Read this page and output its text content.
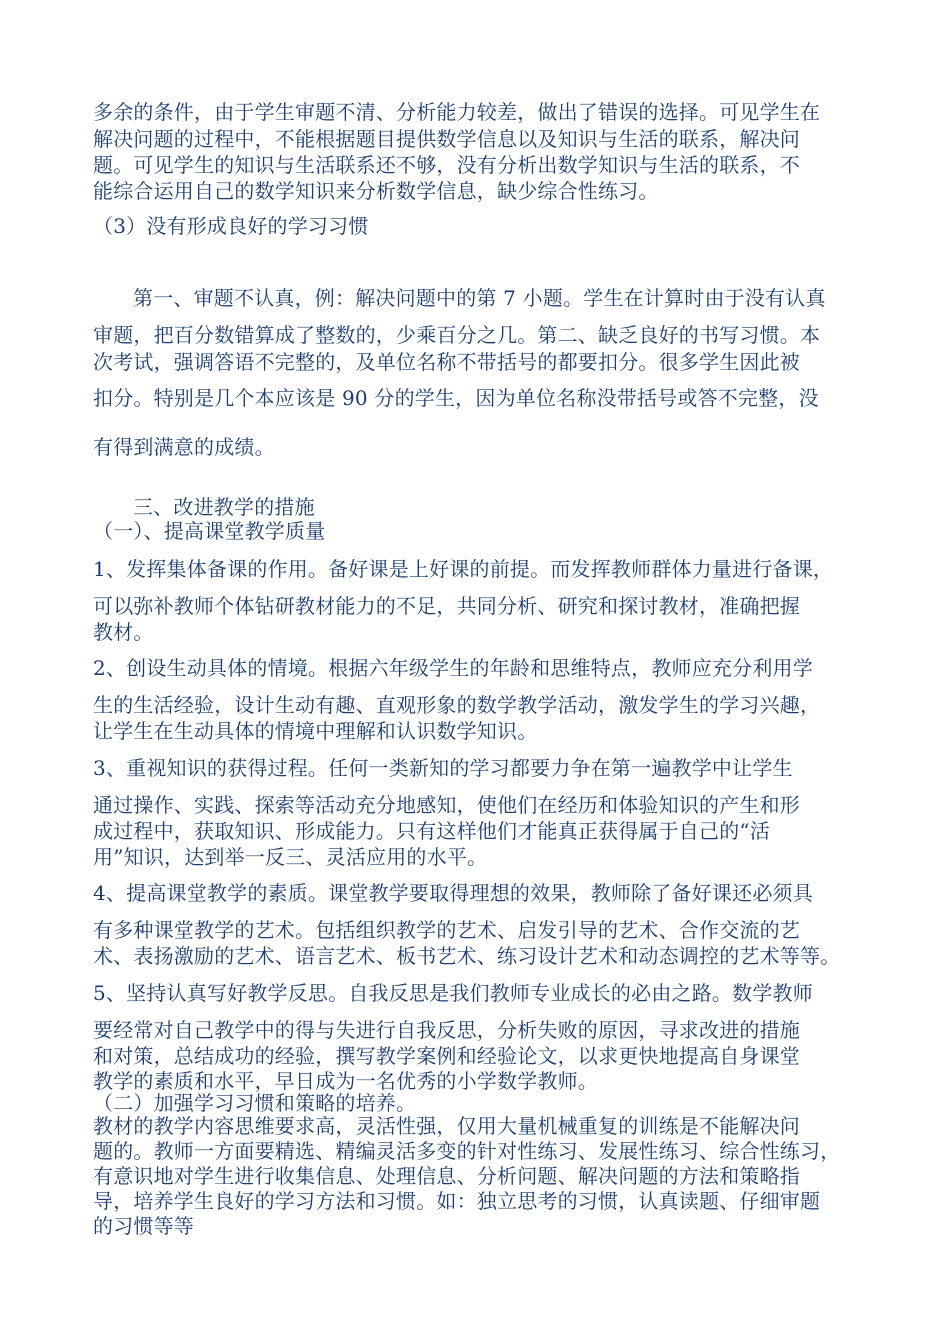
多余的条件，由于学生审题不清、分析能力较差，做出了错误的选择。可见学生在
解决问题的过程中，不能根据题目提供数学信息以及知识与生活的联系，解决问
题。可见学生的知识与生活联系还不够，没有分析出数学知识与生活的联系，不
能综合运用自己的数学知识来分析数学信息，缺少综合性练习。
（3）没有形成良好的学习习惯
第一、审题不认真，例：解决问题中的第 7 小题。学生在计算时由于没有认真
审题，把百分数错算成了整数的，少乘百分之几。第二、缺乏良好的书写习惯。本
次考试，强调答语不完整的，及单位名称不带括号的都要扣分。很多学生因此被
扣分。特别是几个本应该是 90 分的学生，因为单位名称没带括号或答不完整，没
有得到满意的成绩。
三、改进教学的措施
（一）、提高课堂教学质量
1、发挥集体备课的作用。备好课是上好课的前提。而发挥教师群体力量进行备课，
可以弥补教师个体钻研教材能力的不足，共同分析、研究和探讨教材，准确把握
教材。
2、创设生动具体的情境。根据六年级学生的年龄和思维特点，教师应充分利用学
生的生活经验，设计生动有趣、直观形象的数学教学活动，激发学生的学习兴趣，
让学生在生动具体的情境中理解和认识数学知识。
3、重视知识的获得过程。任何一类新知的学习都要力争在第一遍教学中让学生
通过操作、实践、探索等活动充分地感知，使他们在经历和体验知识的产生和形
成过程中，获取知识、形成能力。只有这样他们才能真正获得属于自己的“活
用”知识，达到举一反三、灵活应用的水平。
4、提高课堂教学的素质。课堂教学要取得理想的效果，教师除了备好课还必须具
有多种课堂教学的艺术。包括组织教学的艺术、启发引导的艺术、合作交流的艺
术、表扬激励的艺术、语言艺术、板书艺术、练习设计艺术和动态调控的艺术等等。
5、坚持认真写好教学反思。自我反思是我们教师专业成长的必由之路。数学教师
要经常对自己教学中的得与失进行自我反思，分析失败的原因，寻求改进的措施
和对策，总结成功的经验，撰写教学案例和经验论文，以求更快地提高自身课堂
教学的素质和水平，早日成为一名优秀的小学数学教师。
（二）加强学习习惯和策略的培养。
教材的教学内容思维要求高，灵活性强，仅用大量机械重复的训练是不能解决问
题的。教师一方面要精选、精编灵活多变的针对性练习、发展性练习、综合性练习，
有意识地对学生进行收集信息、处理信息、分析问题、解决问题的方法和策略指
导，培养学生良好的学习方法和习惯。如：独立思考的习惯，认真读题、仔细审题
的习惯等等
